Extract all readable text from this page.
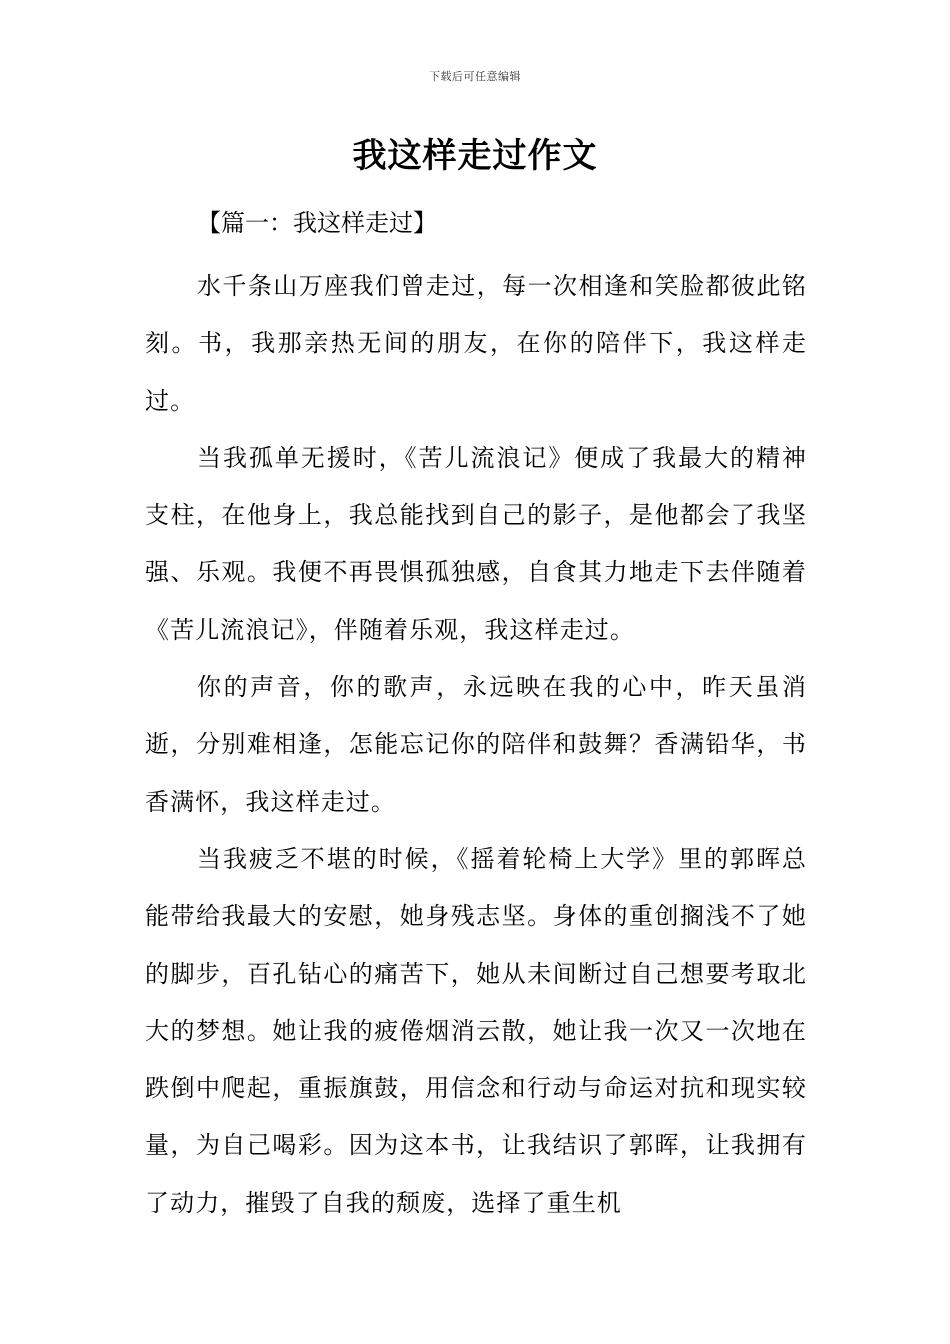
下载后可任意编辑
我这样走过作文

【篇一：我这样走过】

水千条山万座我们曾走过，每一次相逢和笑脸都彼此铭刻。书，我那亲热无间的朋友，在你的陪伴下，我这样走过。

当我孤单无援时，《苦儿流浪记》便成了我最大的精神支柱，在他身上，我总能找到自己的影子，是他都会了我坚强、乐观。我便不再畏惧孤独感，自食其力地走下去伴随着《苦儿流浪记》，伴随着乐观，我这样走过。

你的声音，你的歌声，永远映在我的心中，昨天虽消逝，分别难相逢，怎能忘记你的陪伴和鼓舞？香满铅华，书香满怀，我这样走过。

当我疲乏不堪的时候，《摇着轮椅上大学》里的郭晖总能带给我最大的安慰，她身残志坚。身体的重创搁浅不了她的脚步，百孔钻心的痛苦下，她从未间断过自己想要考取北大的梦想。她让我的疲倦烟消云散，她让我一次又一次地在跌倒中爬起，重振旗鼓，用信念和行动与命运对抗和现实较量，为自己喝彩。因为这本书，让我结识了郭晖，让我拥有了动力，摧毁了自我的颓废，选择了重生机
